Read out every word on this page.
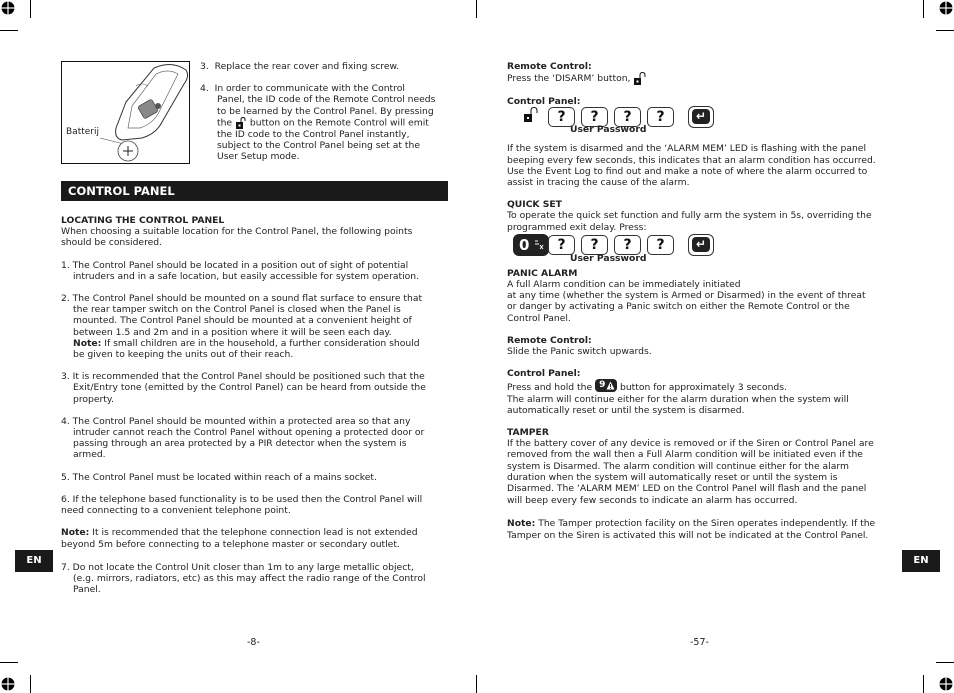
Batterij

3.  Replace the rear cover and fixing screw.

4.  In order to communicate with the Control

Panel, the ID code of the Remote Control needs

to be learned by the Control Panel. By pressing

the button on the Remote Control will emit

the ID code to the Control Panel instantly,

subject to the Control Panel being set at the

User Setup mode.

CONTROL PANEL

LOCATING THE CONTROL PANEL

When choosing a suitable location for the Control Panel, the following points

should be considered.

1. The Control Panel should be located in a position out of sight of potential

intruders and in a safe location, but easily accessible for system operation.

2. The Control Panel should be mounted on a sound flat surface to ensure that

the rear tamper switch on the Control Panel is closed when the Panel is

mounted. The Control Panel should be mounted at a convenient height of

between 1.5 and 2m and in a position where it will be seen each day.

Note: If small children are in the household, a further consideration should

be given to keeping the units out of their reach.

3. It is recommended that the Control Panel should be positioned such that the

Exit/Entry tone (emitted by the Control Panel) can be heard from outside the

property.

4. The Control Panel should be mounted within a protected area so that any

intruder cannot reach the Control Panel without opening a protected door or

passing through an area protected by a PIR detector when the system is

armed.

5. The Control Panel must be located within reach of a mains socket.

6. If the telephone based functionality is to be used then the Control Panel will

need connecting to a convenient telephone point.

Note: It is recommended that the telephone connection lead is not extended

beyond 5m before connecting to a telephone master or secondary outlet.

7. Do not locate the Control Unit closer than 1m to any large metallic object,

(e.g. mirrors, radiators, etc) as this may affect the radio range of the Control

Panel.

EN
-8-

Remote Control:

Press the ‘DISARM’ button,

Control Panel:

?	?	?	?	↵
User Password

If the system is disarmed and the ‘ALARM MEM’ LED is flashing with the panel

beeping every few seconds, this indicates that an alarm condition has occurred.

Use the Event Log to find out and make a note of where the alarm occurred to

assist in tracing the cause of the alarm.

QUICK SET

To operate the quick set function and fully arm the system in 5s, overriding the

programmed exit delay. Press:

0	?	?	?	?	↵
User Password

PANIC ALARM

A full Alarm condition can be immediately initiated

at any time (whether the system is Armed or Disarmed) in the event of threat

or danger by activating a Panic switch on either the Remote Control or the

Control Panel.

Remote Control:

Slide the Panic switch upwards.

Control Panel:

Press and hold the 9 button for approximately 3 seconds.

The alarm will continue either for the alarm duration when the system will

automatically reset or until the system is disarmed.

TAMPER

If the battery cover of any device is removed or if the Siren or Control Panel are

removed from the wall then a Full Alarm condition will be initiated even if the

system is Disarmed. The alarm condition will continue either for the alarm

duration when the system will automatically reset or until the system is

Disarmed. The ‘ALARM MEM’ LED on the Control Panel will flash and the panel

will beep every few seconds to indicate an alarm has occurred.

Note: The Tamper protection facility on the Siren operates independently. If the

Tamper on the Siren is activated this will not be indicated at the Control Panel.

EN
-57-
